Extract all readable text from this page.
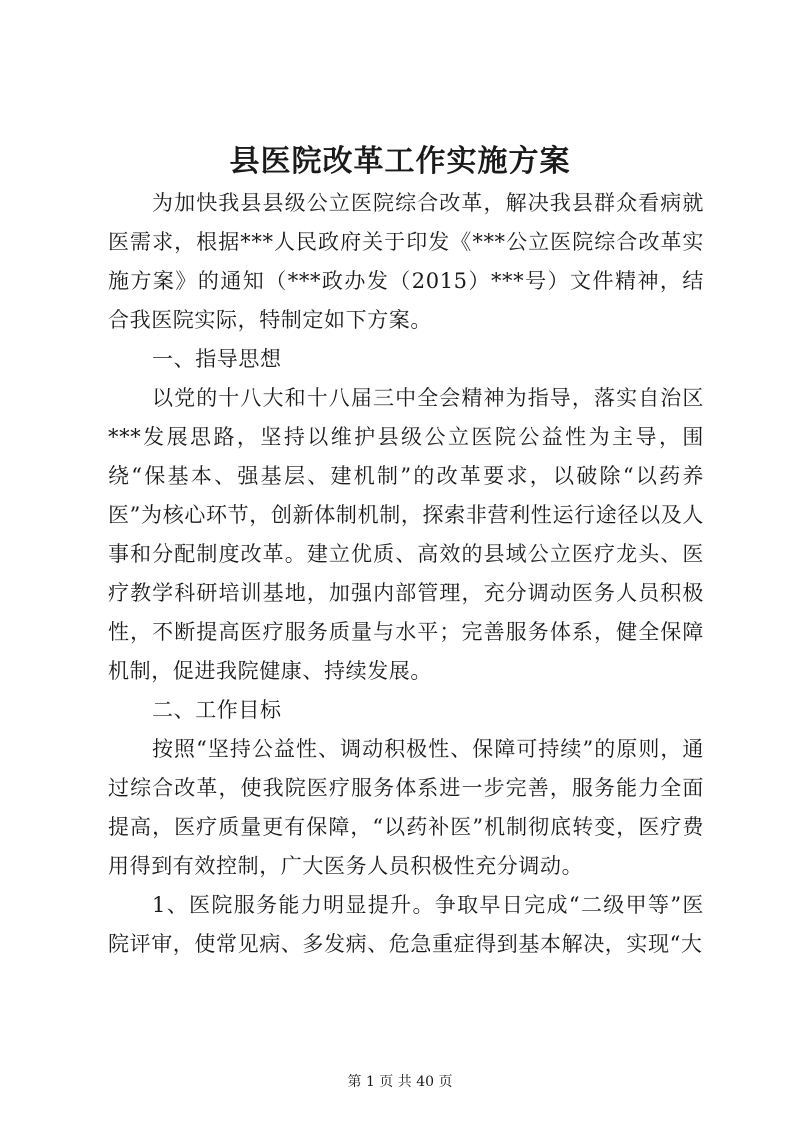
县医院改革工作实施方案

为加快我县县级公立医院综合改革，解决我县群众看病就医需求，根据***人民政府关于印发《***公立医院综合改革实施方案》的通知（***政办发（2015）***号）文件精神，结合我医院实际，特制定如下方案。

一、指导思想

以党的十八大和十八届三中全会精神为指导，落实自治区***发展思路，坚持以维护县级公立医院公益性为主导，围绕“保基本、强基层、建机制”的改革要求，以破除“以药养医”为核心环节，创新体制机制，探索非营利性运行途径以及人事和分配制度改革。建立优质、高效的县域公立医疗龙头、医疗教学科研培训基地，加强内部管理，充分调动医务人员积极性，不断提高医疗服务质量与水平；完善服务体系，健全保障机制，促进我院健康、持续发展。

二、工作目标

按照“坚持公益性、调动积极性、保障可持续”的原则，通过综合改革，使我院医疗服务体系进一步完善，服务能力全面提高，医疗质量更有保障，“以药补医”机制彻底转变，医疗费用得到有效控制，广大医务人员积极性充分调动。

1、医院服务能力明显提升。争取早日完成“二级甲等”医院评审，使常见病、多发病、危急重症得到基本解决，实现“大

第 1 页 共 40 页
